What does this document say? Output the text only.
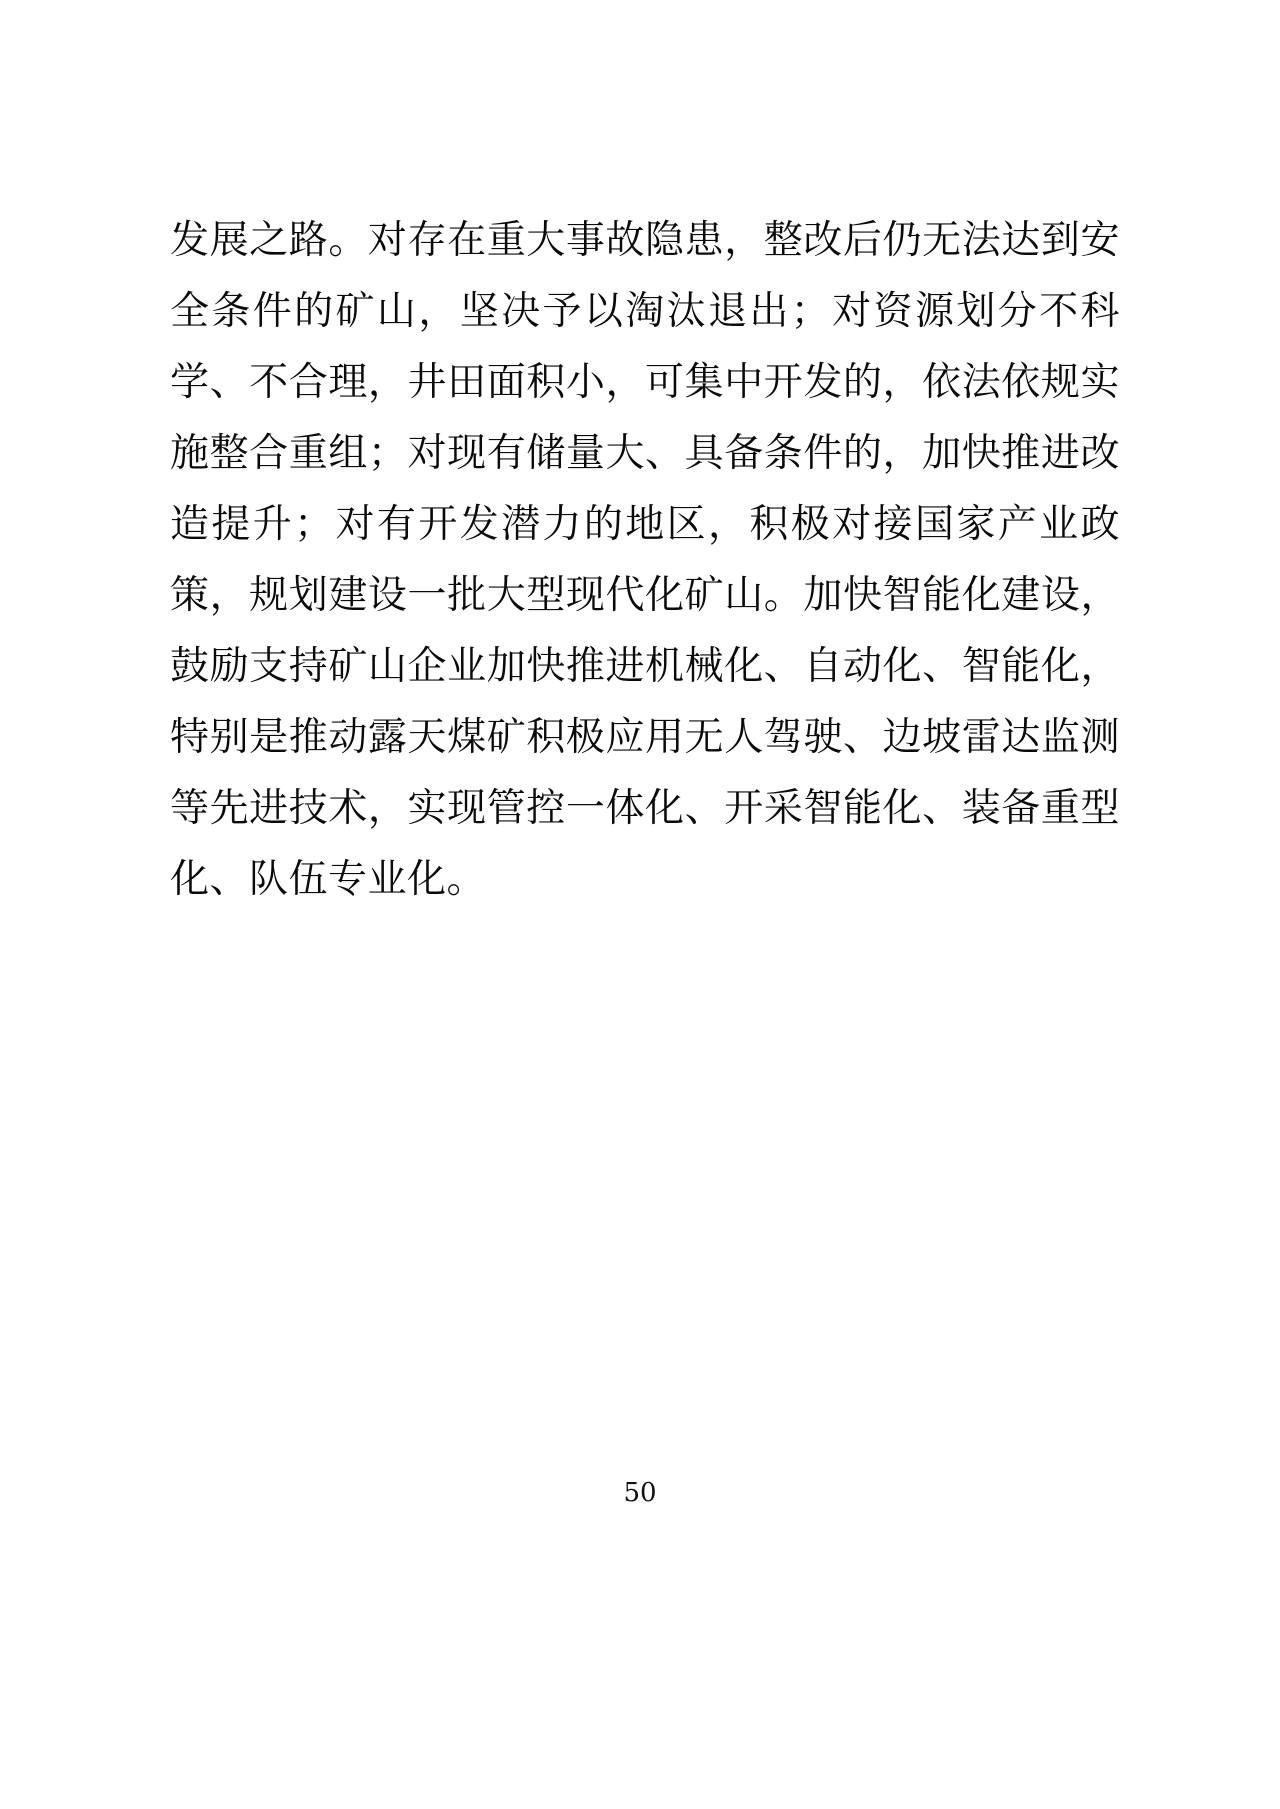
发展之路。对存在重大事故隐患，整改后仍无法达到安全条件的矿山，坚决予以淘汰退出；对资源划分不科学、不合理，井田面积小，可集中开发的，依法依规实施整合重组；对现有储量大、具备条件的，加快推进改造提升；对有开发潜力的地区，积极对接国家产业政策，规划建设一批大型现代化矿山。加快智能化建设，鼓励支持矿山企业加快推进机械化、自动化、智能化，特别是推动露天煤矿积极应用无人驾驶、边坡雷达监测等先进技术，实现管控一体化、开采智能化、装备重型化、队伍专业化。
50
